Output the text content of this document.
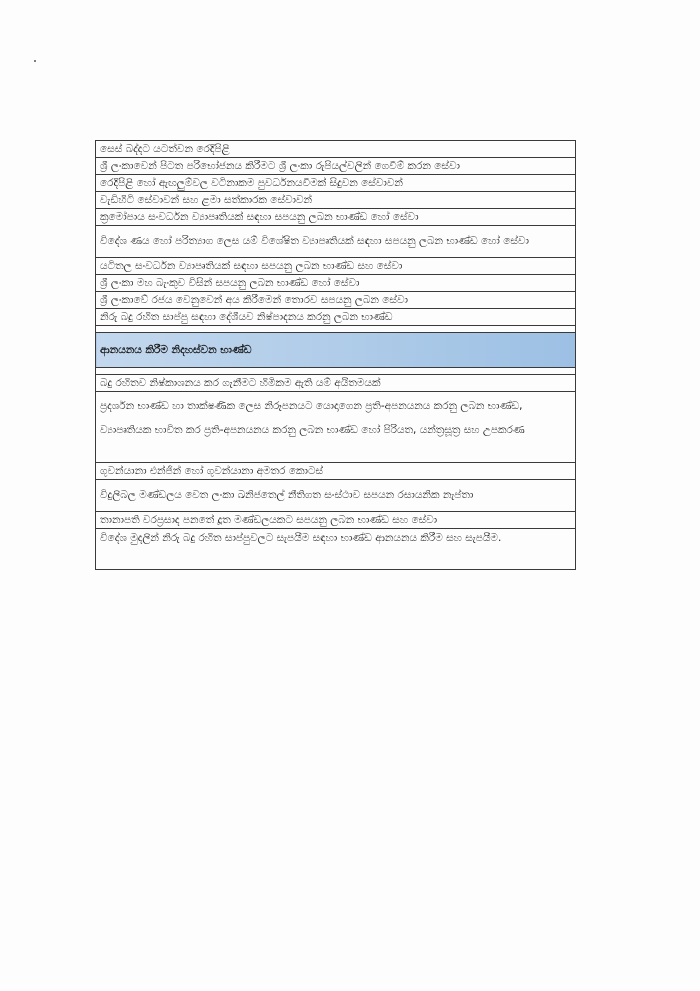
සෙස් බද්දට යටත්වන රෙදිපිළි
ශ්‍රී ලංකාවෙන් පිටත පරිභෝජනය කිරීමට ශ්‍රී ලංකා රුපියල්වලින් ගෙවීම් කරන සේවා
රෙදිපිළි හෝ ඇඟලුම්වල වටිනාකම පුවර්ධනයවීමක් සිදුවන සේවාවන්
වැඩිහිටි සේවාවන් සහ ළමා සත්කාරක සේවාවන්
ක්‍රමෝපාය සංවර්ධන ව්‍යාපෘතියක් සඳහා සපයනු ලබන භාණ්ඩ හෝ සේවා
විදේශ ණය හෝ පරිත්‍යාග ලෙස යම් විශේෂිත ව්‍යාපෘතියක් සඳහා සපයනු ලබන භාණ්ඩ හෝ සේවා
යටිතල සංවර්ධන ව්‍යාපෘතියක් සඳහා සපයනු ලබන භාණ්ඩ සහ සේවා
ශ්‍රී ලංකා මහ බැංකුව විසින් සපයනු ලබන භාණ්ඩ හෝ සේවා
ශ්‍රී ලංකාවේ රජය වෙනුවෙන් අය කිරීමෙන් තොරව සපයනු ලබන සේවා
නිරු බදු රහිත සාප්පු සඳහා දේශීයව නිෂ්පාදනය කරනු ලබන භාණ්ඩ

ආනයනය කිරීම නිදහස්වන භාණ්ඩ

බදු රහිතව නිෂ්කාශනය කර ගැනීමට හිමිකම ඇති යම් අයිතමයක්
ප්‍රදර්ශන භාණ්ඩ හා තාක්ෂණික ලෙස නිරූපනයට යොදාගෙන ප්‍රති-අපනයනය කරනු ලබන භාණ්ඩ, ව්‍යාපෘතියක භාවිත කර ප්‍රති-අපනයනය කරනු ලබන භාණ්ඩ හෝ පිරියත, යන්ත්‍රසූත්‍ර සහ උපකරණ
ගුවන්යානා එන්ජින් හෝ ගුවන්යානා අමතර කොටස්
විදුලිබල මණ්ඩලය වෙත ලංකා ඛනිජතෙල් නීතිගත සංස්ථාව සපයන රසායනික නැප්තා
තානාපති වරප්‍රසාද පනතේ දූත මණ්ඩලයකට සපයනු ලබන භාණ්ඩ සහ සේවා
විදේශ මුදලින් නිරු බදු රහිත සාප්පුවලට සැපයීම සඳහා භාණ්ඩ ආනයනය කිරීම සහ සැපයීම.
